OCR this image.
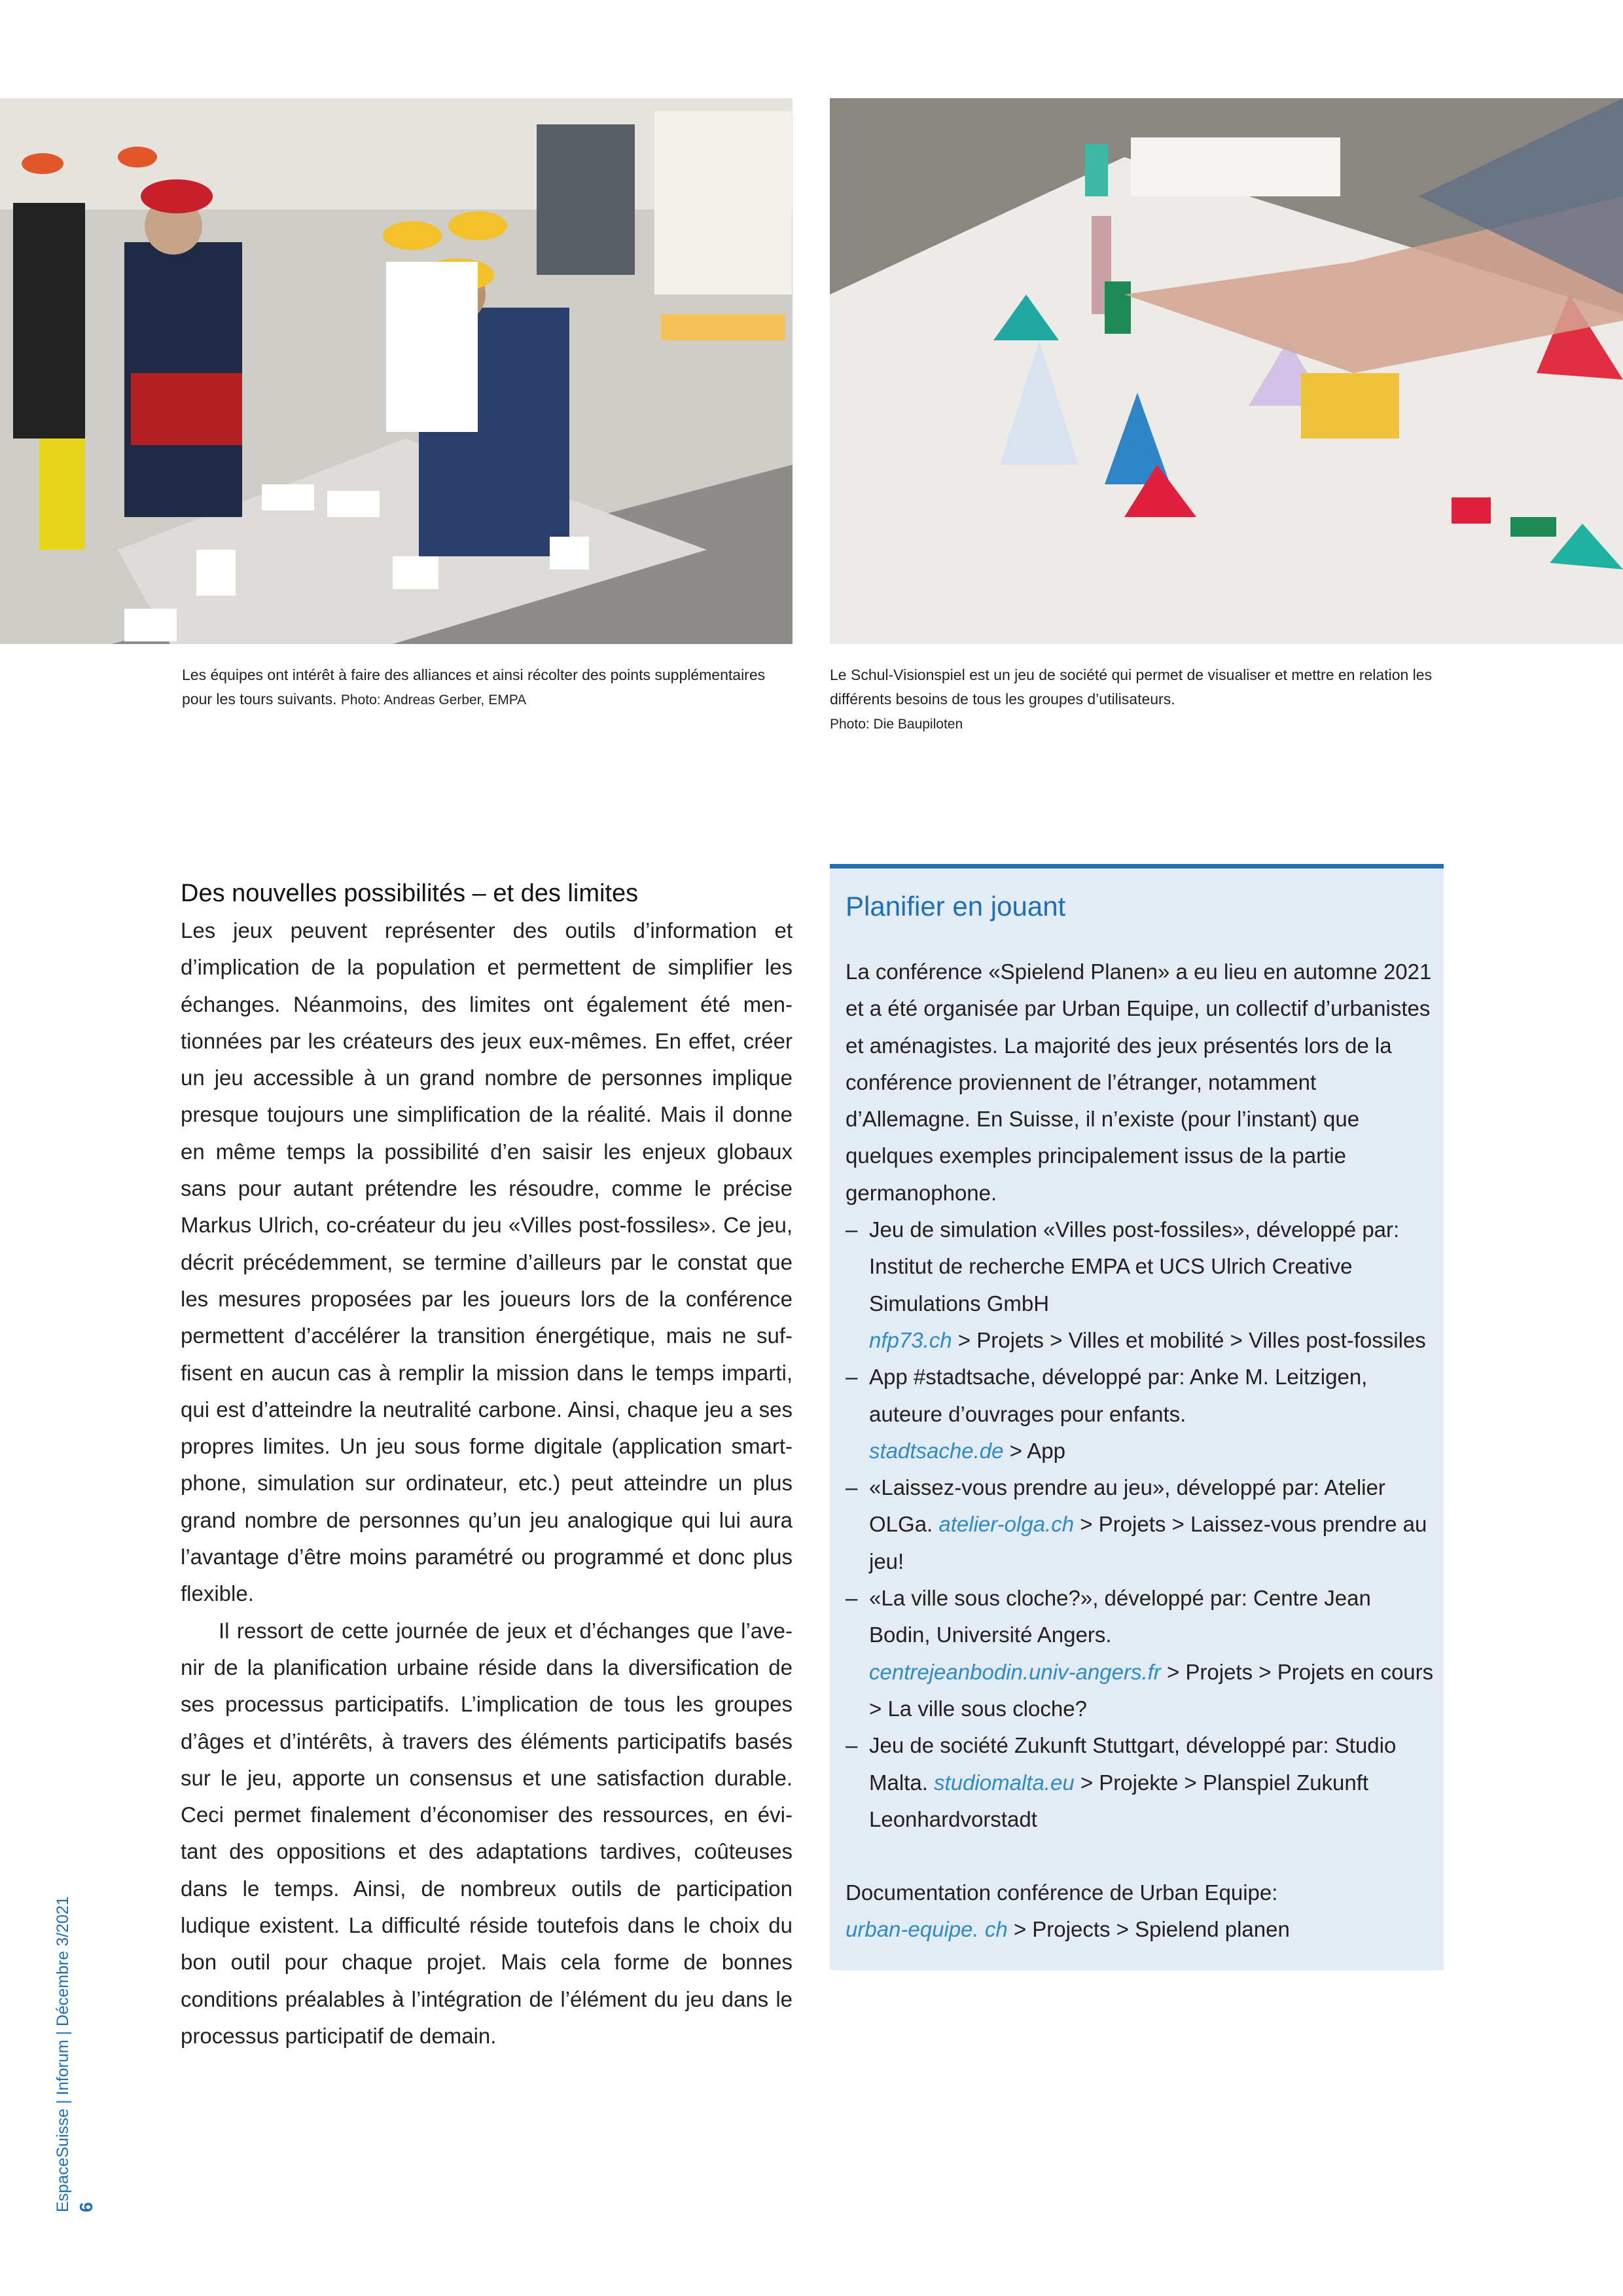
Les équipes ont intérêt à faire des alliances et ainsi récolter des points supplémentaires pour les tours suivants. Photo: Andreas Gerber, EMPA
Le Schul-Visionspiel est un jeu de société qui permet de visualiser et mettre en relation les différents besoins de tous les groupes d’utilisateurs.
Photo: Die Baupiloten
Des nouvelles possibilités – et des limites

Les jeux peuvent représenter des outils d’information et d’implication de la population et permettent de simplifier les échanges. Néanmoins, des limites ont également été mentionnées par les créateurs des jeux eux-mêmes. En effet, créer un jeu accessible à un grand nombre de personnes implique presque toujours une simplification de la réalité. Mais il donne en même temps la possibilité d’en saisir les enjeux globaux sans pour autant prétendre les résoudre, comme le précise Markus Ulrich, co-créateur du jeu «Villes post-fossiles». Ce jeu, décrit précédemment, se termine d’ailleurs par le constat que les mesures proposées par les joueurs lors de la conférence permettent d’accélérer la transition énergétique, mais ne suffisent en aucun cas à remplir la mission dans le temps imparti, qui est d’atteindre la neutralité carbone. Ainsi, chaque jeu a ses propres limites. Un jeu sous forme digitale (application smartphone, simulation sur ordinateur, etc.) peut atteindre un plus grand nombre de personnes qu’un jeu analogique qui lui aura l’avantage d’être moins paramétré ou programmé et donc plus flexible.

Il ressort de cette journée de jeux et d’échanges que l’avenir de la planification urbaine réside dans la diversification de ses processus participatifs. L’implication de tous les groupes d’âges et d’intérêts, à travers des éléments participatifs basés sur le jeu, apporte un consensus et une satisfaction durable. Ceci permet finalement d’économiser des ressources, en évitant des oppositions et des adaptations tardives, coûteuses dans le temps. Ainsi, de nombreux outils de participation ludique existent. La difficulté réside toutefois dans le choix du bon outil pour chaque projet. Mais cela forme de bonnes conditions préalables à l’intégration de l’élément du jeu dans le processus participatif de demain.

Planifier en jouant

La conférence «Spielend Planen» a eu lieu en automne 2021 et a été organisée par Urban Equipe, un collectif d’urbanistes et aménagistes. La majorité des jeux présentés lors de la conférence proviennent de l’étranger, notamment d’Allemagne. En Suisse, il n’existe (pour l’instant) que quelques exemples principalement issus de la partie germanophone.

– Jeu de simulation «Villes post-fossiles», développé par: Institut de recherche EMPA et UCS Ulrich Creative Simulations GmbH
nfp73.ch > Projets > Villes et mobilité > Villes post-fossiles
– App #stadtsache, développé par: Anke M. Leitzigen, auteure d’ouvrages pour enfants.
stadtsache.de > App
– «Laissez-vous prendre au jeu», développé par: Atelier OLGa. atelier-olga.ch > Projets > Laissez-vous prendre au jeu!
– «La ville sous cloche?», développé par: Centre Jean Bodin, Université Angers.
centrejeanbodin.univ-angers.fr > Projets > Projets en cours > La ville sous cloche?
– Jeu de société Zukunft Stuttgart, développé par: Studio Malta. studiomalta.eu > Projekte > Planspiel Zukunft Leonhardvorstadt
Documentation conférence de Urban Equipe:
urban-equipe. ch > Projects > Spielend planen
EspaceSuisse | Inforum | Décembre 3/2021 6
